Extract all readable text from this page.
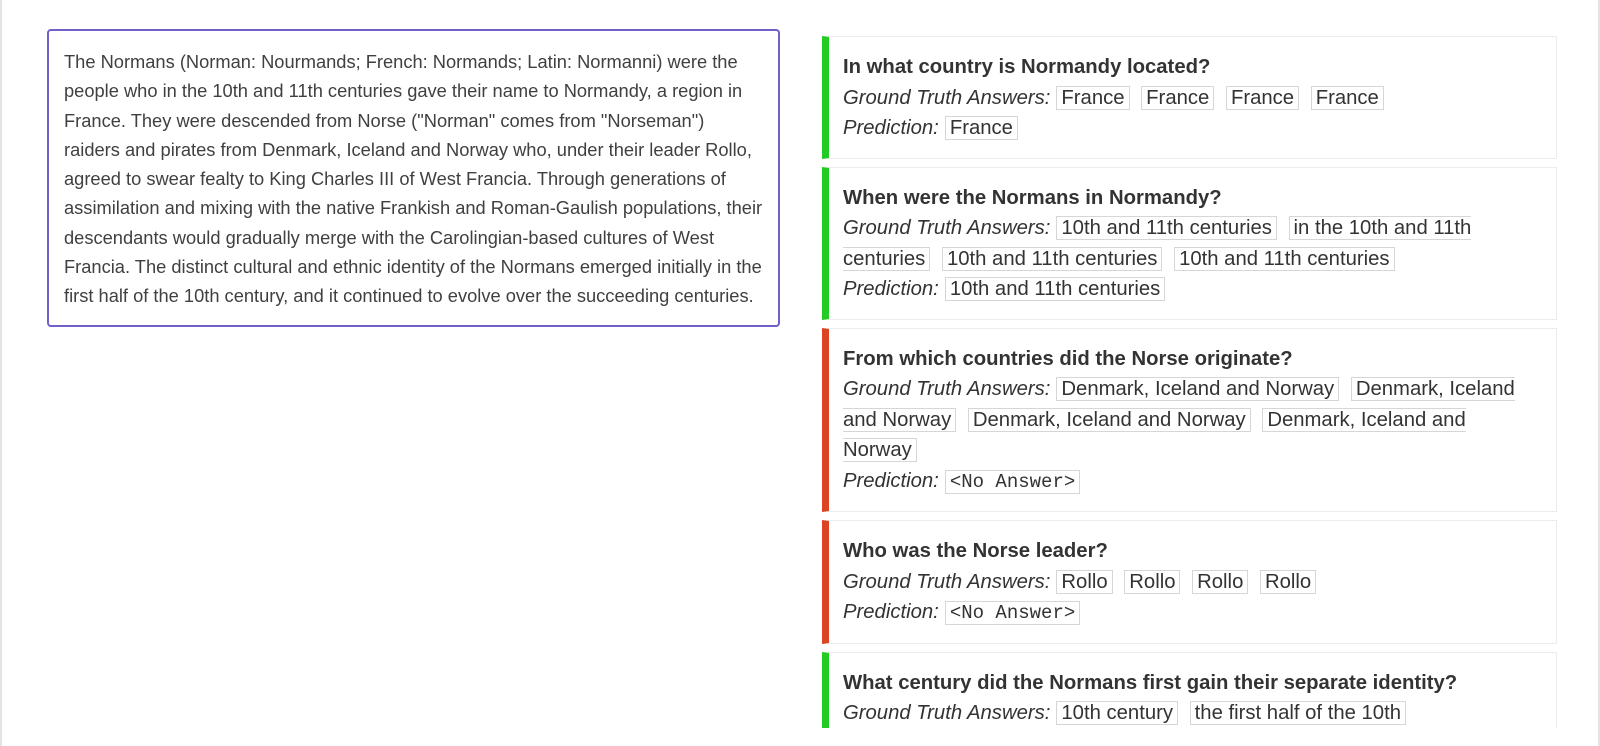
The Normans (Norman: Nourmands; French: Normands; Latin: Normanni) were the people who in the 10th and 11th centuries gave their name to Normandy, a region in France. They were descended from Norse ("Norman" comes from "Norseman") raiders and pirates from Denmark, Iceland and Norway who, under their leader Rollo, agreed to swear fealty to King Charles III of West Francia. Through generations of assimilation and mixing with the native Frankish and Roman-Gaulish populations, their descendants would gradually merge with the Carolingian-based cultures of West Francia. The distinct cultural and ethnic identity of the Normans emerged initially in the first half of the 10th century, and it continued to evolve over the succeeding centuries.
In what country is Normandy located?
Ground Truth Answers: France France France France
Prediction: France
When were the Normans in Normandy?
Ground Truth Answers: 10th and 11th centuries in the 10th and 11th centuries 10th and 11th centuries 10th and 11th centuries
Prediction: 10th and 11th centuries
From which countries did the Norse originate?
Ground Truth Answers: Denmark, Iceland and Norway Denmark, Iceland and Norway Denmark, Iceland and Norway Denmark, Iceland and Norway
Prediction: <No Answer>
Who was the Norse leader?
Ground Truth Answers: Rollo Rollo Rollo Rollo
Prediction: <No Answer>
What century did the Normans first gain their separate identity?
Ground Truth Answers: 10th century the first half of the 10th
